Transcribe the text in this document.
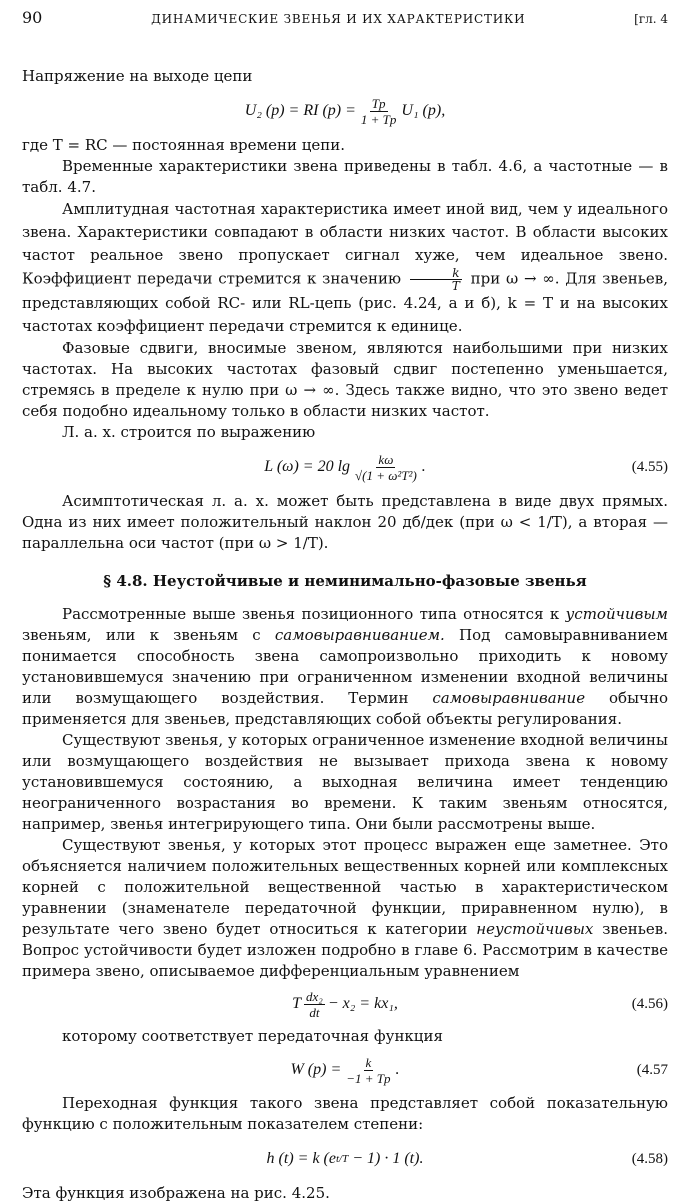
90	ДИНАМИЧЕСКИЕ ЗВЕНЬЯ И ИХ ХАРАКТЕРИСТИКИ	[гл. 4

Напряжение на выходе цепи

U₂ (p) = RI $(p) = \frac{Tp}{1 + Tp} U_1$ (p),

где T = RC — постоянная времени цепи.

Временные характеристики звена приведены в табл. 4.6, а частотные — в табл. 4.7.

Амплитудная частотная характеристика имеет иной вид, чем у идеального звена. Характеристики совпадают в области низких частот. В области высоких частот реальное звено пропускает сигнал хуже, чем идеальное звено. Коэффициент передачи стремится к значению $\frac{k}{T}$ при ω → ∞. Для звеньев, представляющих собой RC- или RL-цепь (рис. 4.24, а и б), k = T и на высоких частотах коэффициент передачи стремится к единице.

Фазовые сдвиги, вносимые звеном, являются наибольшими при низких частотах. На высоких частотах фазовый сдвиг постепенно уменьшается, стремясь в пределе к нулю при ω → ∞. Здесь также видно, что это звено ведет себя подобно идеальному только в области низких частот.

Л. а. х. строится по выражению

L (ω) = 20 $\lg \frac{k\omega}{\text{√(1 + ω²T²)}}$ .	(4.55)

Асимптотическая л. а. х. может быть представлена в виде двух прямых. Одна из них имеет положительный наклон 20 дб/дек (при ω < 1/T), а вторая — параллельна оси частот (при ω > 1/T).

§ 4.8. Неустойчивые и неминимально-фазовые звенья

Рассмотренные выше звенья позиционного типа относятся к устойчивым звеньям, или к звеньям с самовыравниванием. Под самовыравниванием понимается способность звена самопроизвольно приходить к новому установившемуся значению при ограниченном изменении входной величины или возмущающего воздействия. Термин самовыравнивание обычно применяется для звеньев, представляющих собой объекты регулирования.

Существуют звенья, у которых ограниченное изменение входной величины или возмущающего воздействия не вызывает прихода звена к новому установившемуся состоянию, а выходная величина имеет тенденцию неограниченного возрастания во времени. К таким звеньям относятся, например, звенья интегрирующего типа. Они были рассмотрены выше.

Существуют звенья, у которых этот процесс выражен еще заметнее. Это объясняется наличием положительных вещественных корней или комплексных корней с положительной вещественной частью в характеристическом уравнении (знаменателе передаточной функции, приравненном нулю), в результате чего звено будет относиться к категории неустойчивых звеньев. Вопрос устойчивости будет изложен подробно в главе 6. Рассмотрим в качестве примера звено, описываемое дифференциальным уравнением

T $\frac{\text{dx₂}}{dt} - x_2 = kx_1$,	(4.56)

которому соответствует передаточная функция

W $(p) = \frac{k}{-1 + Tp}$ .	(4.57

Переходная функция такого звена представляет собой показательную функцию с положительным показателем степени:

h (t) = k (e t/T − 1) · 1 (t).	(4.58)

Эта функция изображена на рис. 4.25.
